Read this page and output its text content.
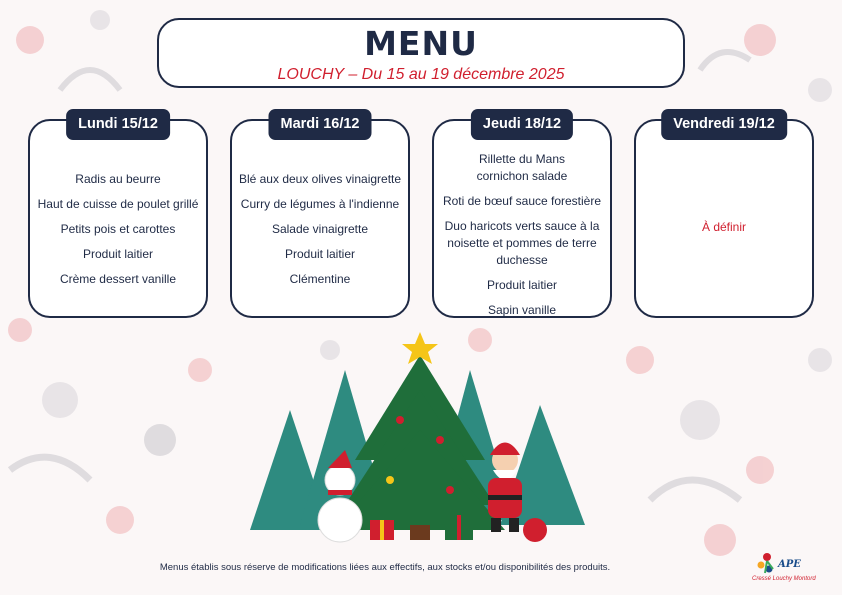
MENU
LOUCHY – Du 15 au 19 décembre 2025
Lundi 15/12
Radis au beurre
Haut de cuisse de poulet grillé
Petits pois et carottes
Produit laitier
Crème dessert vanille
Mardi 16/12
Blé aux deux olives vinaigrette
Curry de légumes à l'indienne
Salade vinaigrette
Produit laitier
Clémentine
Jeudi 18/12
Rillette du Mans cornichon salade
Roti de bœuf sauce forestière
Duo haricots verts sauce à la noisette et pommes de terre duchesse
Produit laitier
Sapin vanille
Vendredi 19/12
À définir
Menus établis sous réserve de modifications liées aux effectifs, aux stocks et/ou disponibilités des produits.	APE
Cressé Louchy Montord
